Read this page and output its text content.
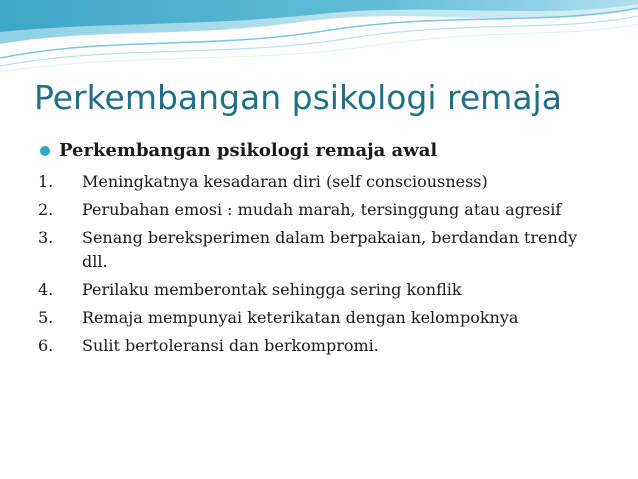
Perkembangan psikologi remaja
Perkembangan psikologi remaja awal
1.	Meningkatnya kesadaran diri (self consciousness)
2.	Perubahan emosi : mudah marah, tersinggung atau agresif
3.	Senang bereksperimen dalam berpakaian, berdandan trendy dll.
4.	Perilaku memberontak sehingga sering konflik
5.	Remaja mempunyai keterikatan dengan kelompoknya
6.	Sulit bertoleransi dan berkompromi.
